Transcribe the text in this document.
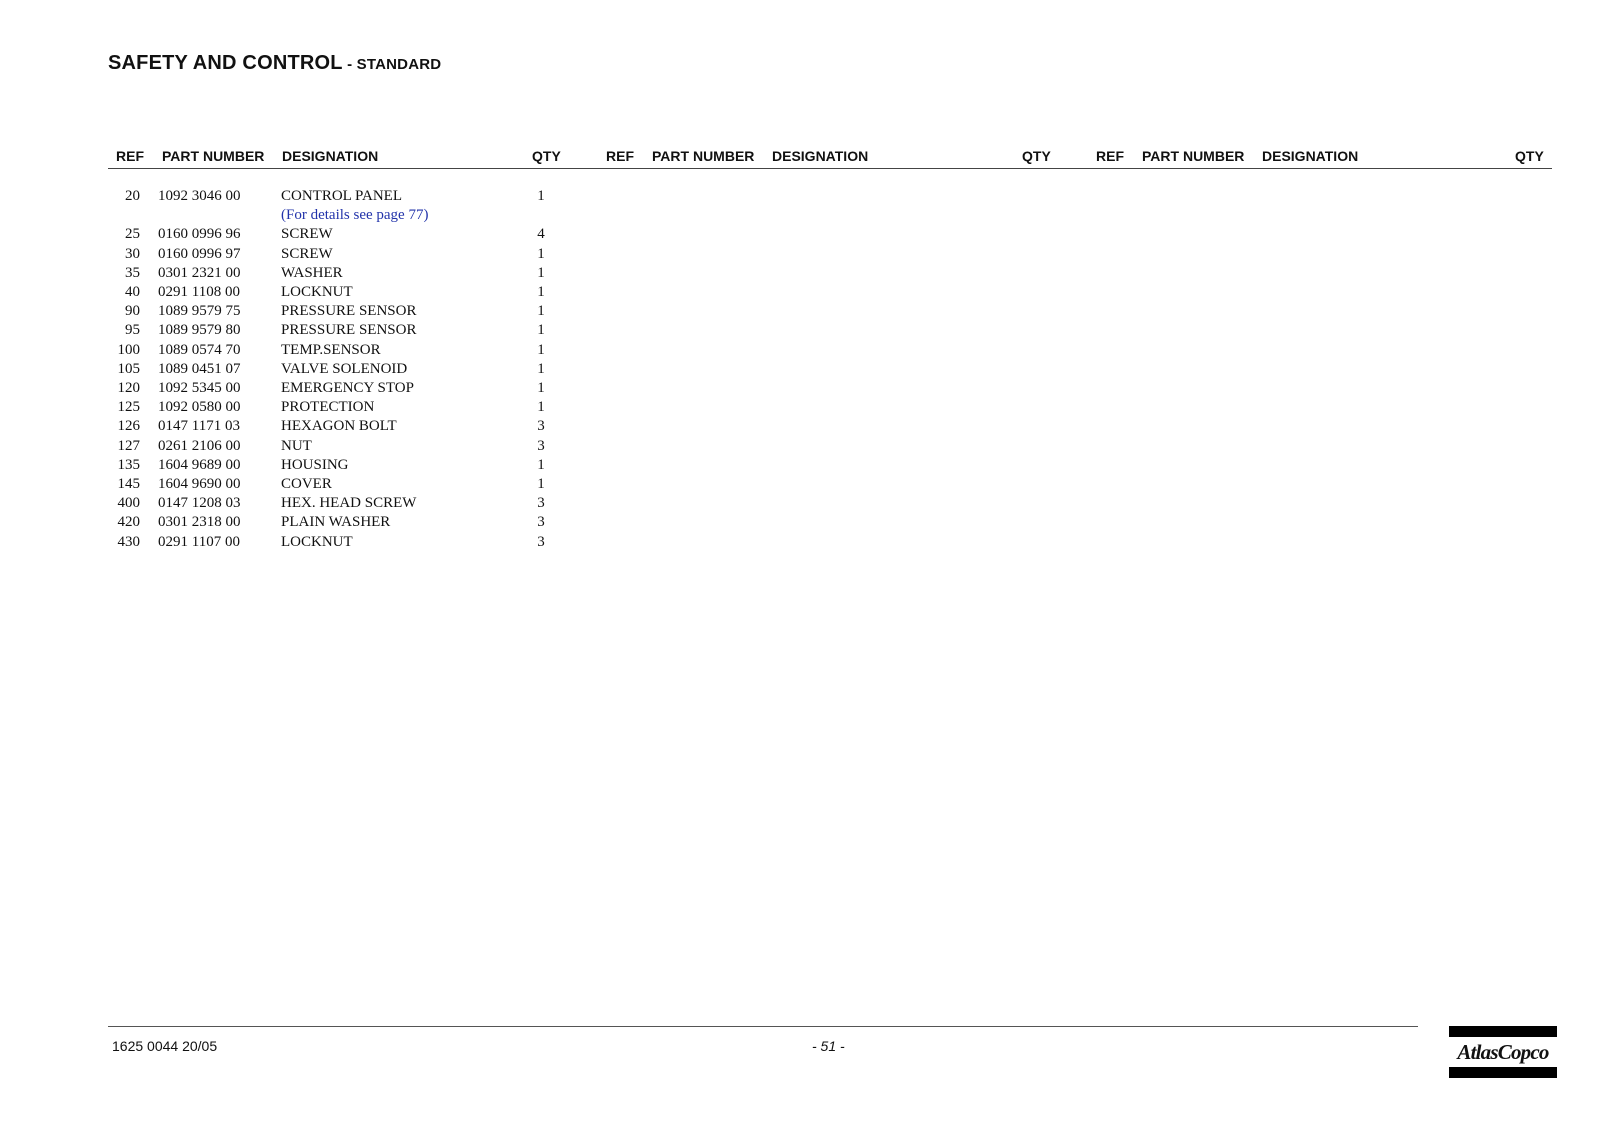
SAFETY AND CONTROL - STANDARD
REF PART NUMBER DESIGNATION	QTY	REF PART NUMBER DESIGNATION	QTY	REF PART NUMBER DESIGNATION	QTY
20 1092 3046 00	CONTROL PANEL	1
(For details see page 77)
25 0160 0996 96	SCREW	4
30 0160 0996 97	SCREW	1
35 0301 2321 00	WASHER	1
40 0291 1108 00	LOCKNUT	1
90 1089 9579 75	PRESSURE SENSOR	1
95 1089 9579 80	PRESSURE SENSOR	1
100 1089 0574 70	TEMP.SENSOR	1
105 1089 0451 07	VALVE SOLENOID	1
120 1092 5345 00	EMERGENCY STOP	1
125 1092 0580 00	PROTECTION	1
126 0147 1171 03	HEXAGON BOLT	3
127 0261 2106 00	NUT	3
135 1604 9689 00	HOUSING	1
145 1604 9690 00	COVER	1
400 0147 1208 03	HEX. HEAD SCREW	3
420 0301 2318 00	PLAIN WASHER	3
430 0291 1107 00	LOCKNUT	3
1625 0044 20/05	- 51 -	AtlasCopco
